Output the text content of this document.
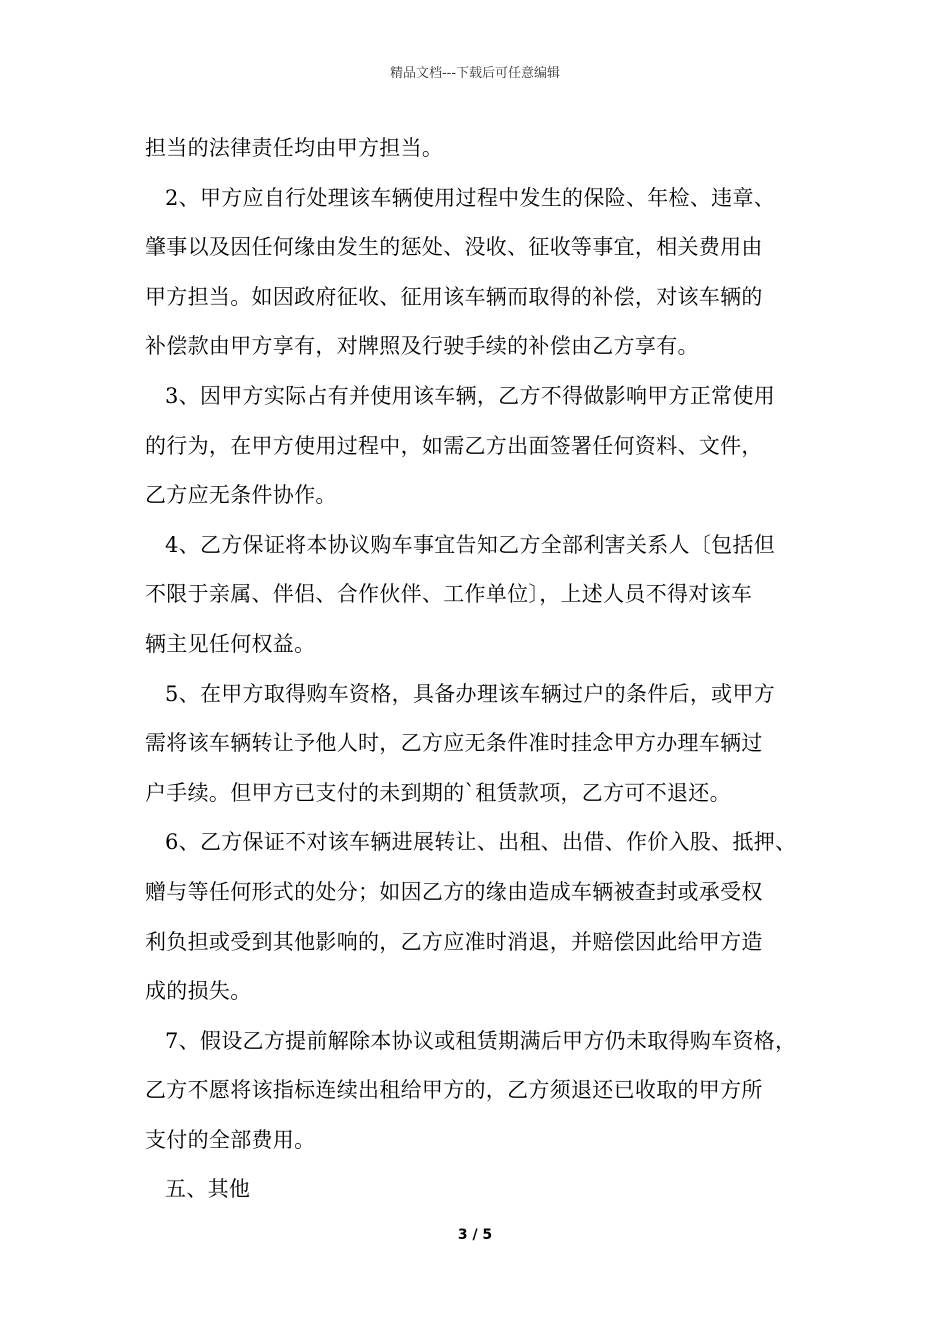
精品文档---下载后可任意编辑
担当的法律责任均由甲方担当。
2、甲方应自行处理该车辆使用过程中发生的保险、年检、违章、
肇事以及因任何缘由发生的惩处、没收、征收等事宜，相关费用由
甲方担当。如因政府征收、征用该车辆而取得的补偿，对该车辆的
补偿款由甲方享有，对牌照及行驶手续的补偿由乙方享有。
3、因甲方实际占有并使用该车辆，乙方不得做影响甲方正常使用
的行为，在甲方使用过程中，如需乙方出面签署任何资料、文件，
乙方应无条件协作。
4、乙方保证将本协议购车事宜告知乙方全部利害关系人〔包括但
不限于亲属、伴侣、合作伙伴、工作单位〕，上述人员不得对该车
辆主见任何权益。
5、在甲方取得购车资格，具备办理该车辆过户的条件后，或甲方
需将该车辆转让予他人时，乙方应无条件准时挂念甲方办理车辆过
户手续。但甲方已支付的未到期的`租赁款项，乙方可不退还。
6、乙方保证不对该车辆进展转让、出租、出借、作价入股、抵押、
赠与等任何形式的处分；如因乙方的缘由造成车辆被查封或承受权
利负担或受到其他影响的，乙方应准时消退，并赔偿因此给甲方造
成的损失。
7、假设乙方提前解除本协议或租赁期满后甲方仍未取得购车资格，
乙方不愿将该指标连续出租给甲方的，乙方须退还已收取的甲方所
支付的全部费用。
五、其他
3 / 5
